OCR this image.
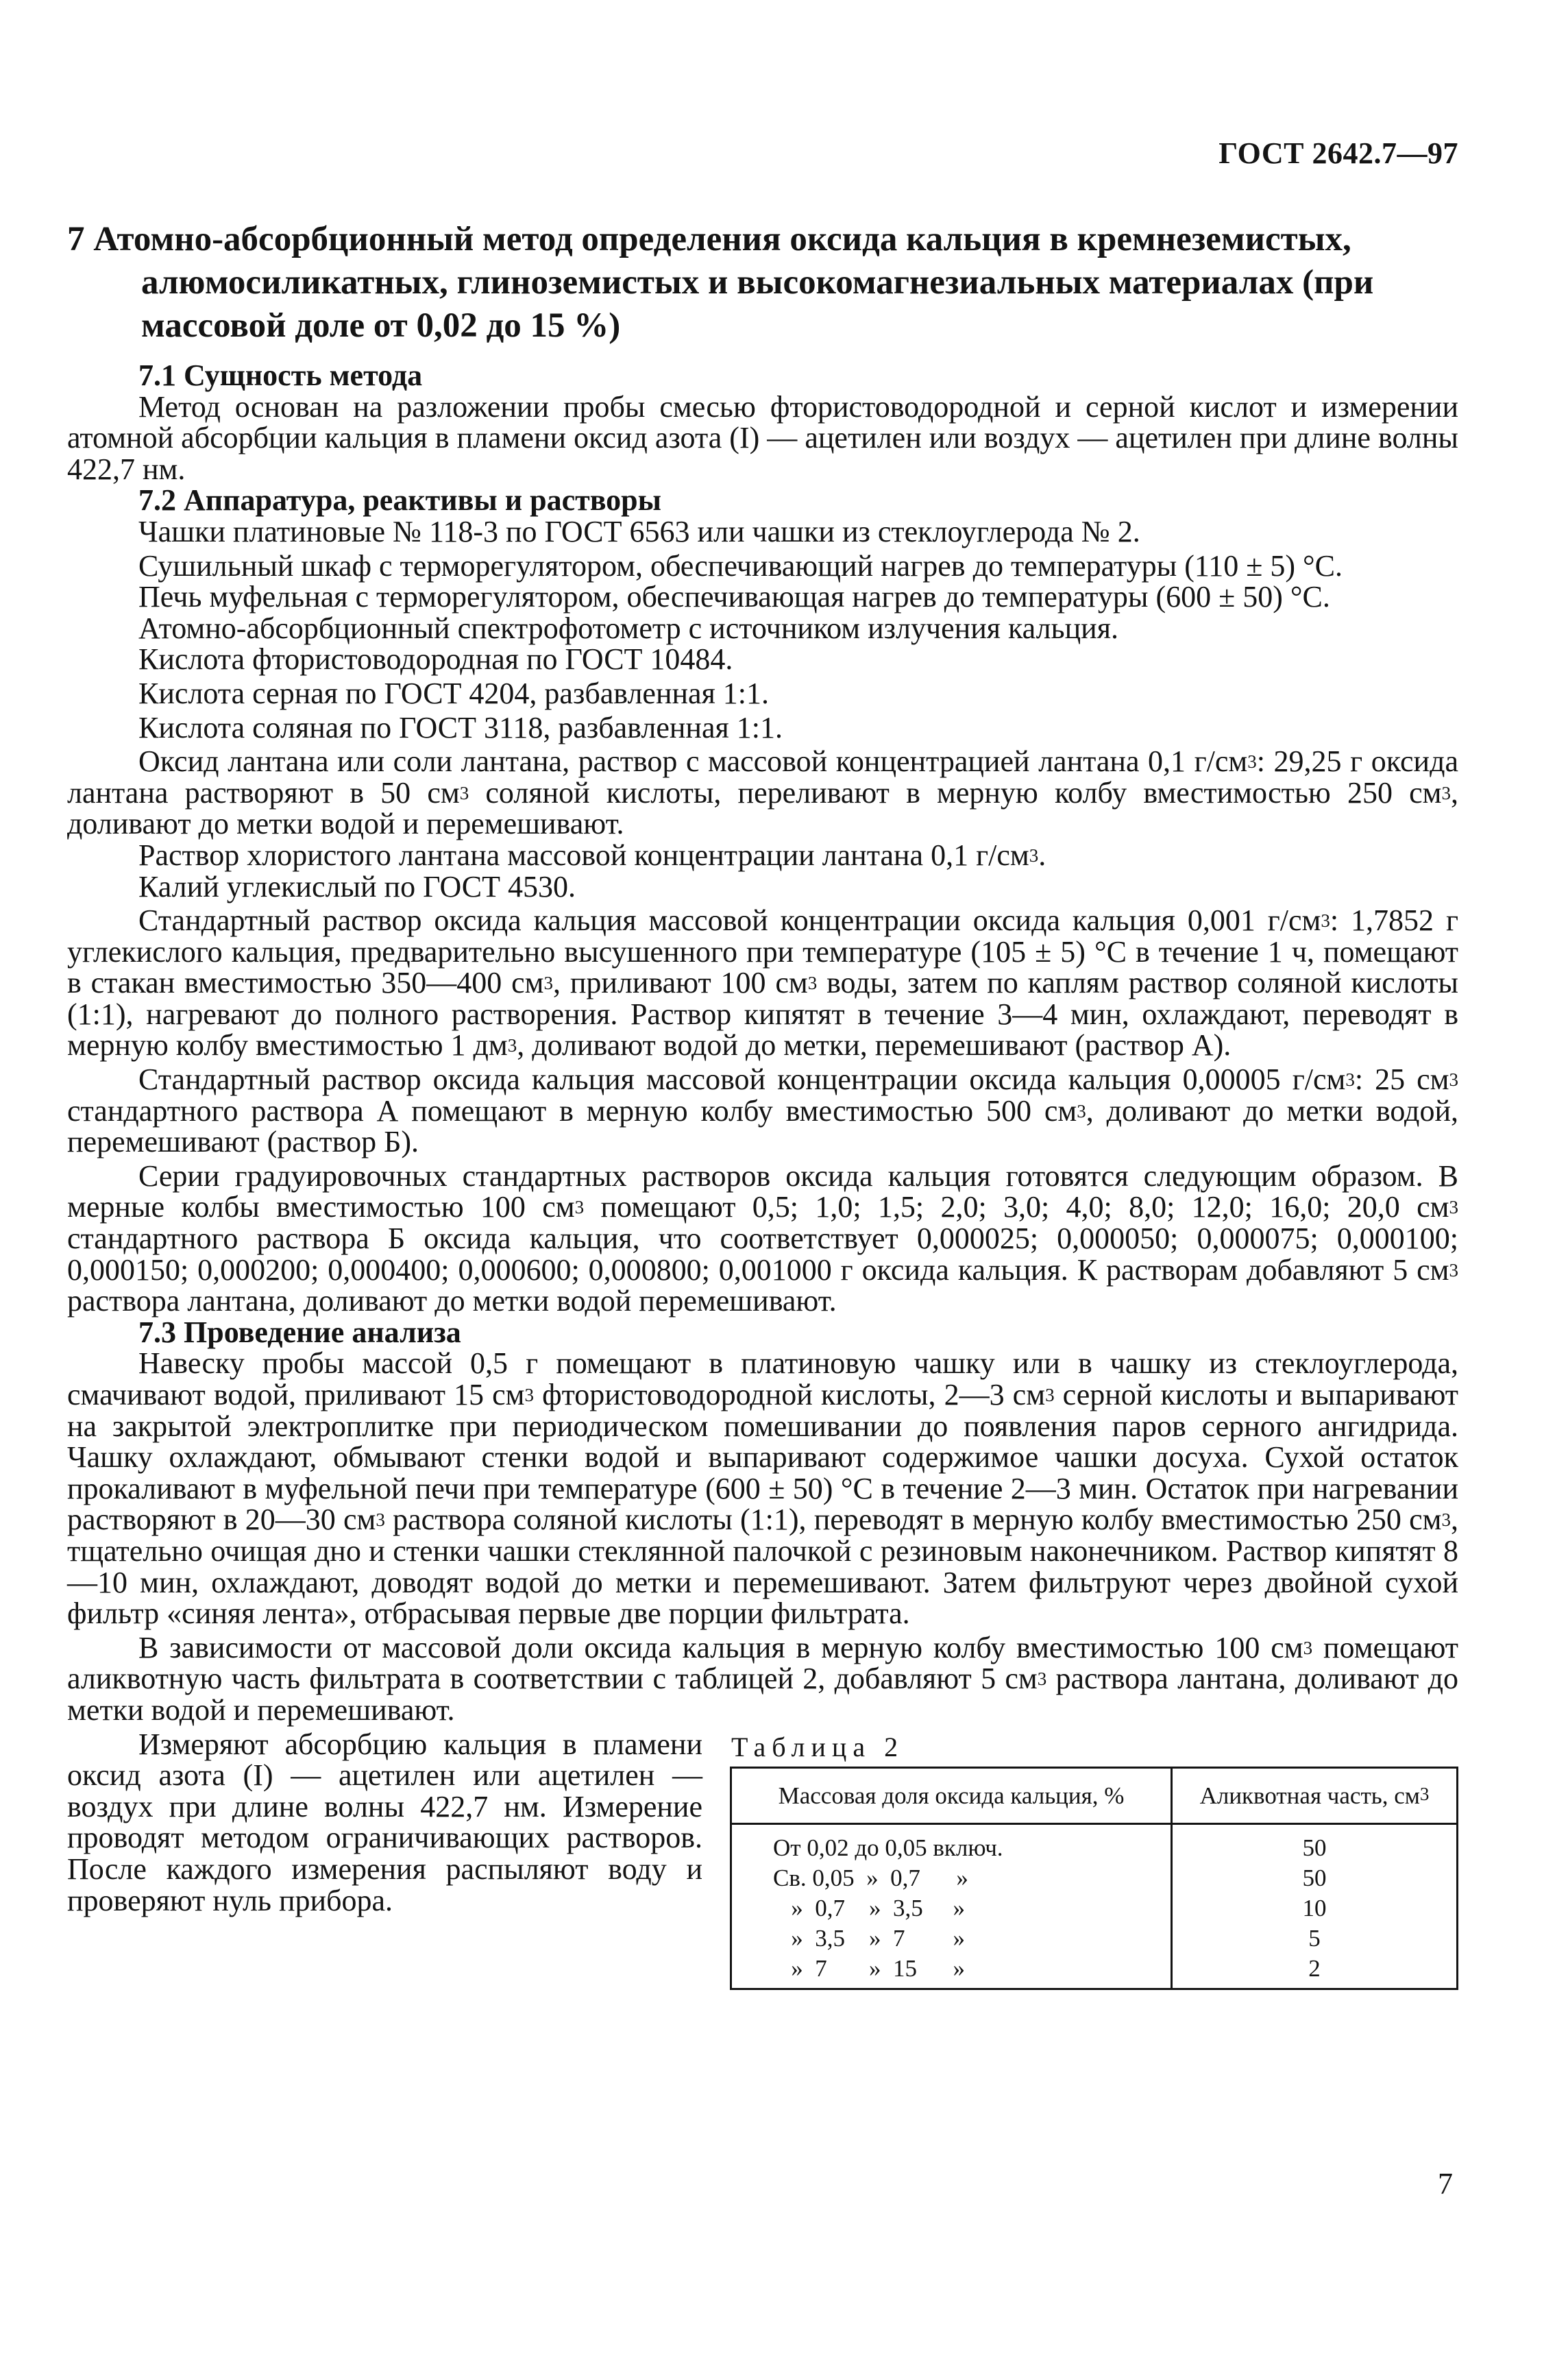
ГОСТ 2642.7—97
7 Атомно-абсорбционный метод определения оксида кальция в кремнеземистых, алюмосиликатных, глиноземистых и высокомагнезиальных материалах (при массовой доле от 0,02 до 15 %)
7.1 Сущность метода

Метод основан на разложении пробы смесью фтористоводородной и серной кислот и измерении атомной абсорбции кальция в пламени оксид азота (I) — ацетилен или воздух — ацетилен при длине волны 422,7 нм.

7.2 Аппаратура, реактивы и растворы

Чашки платиновые № 118-3 по ГОСТ 6563 или чашки из стеклоуглерода № 2.

Сушильный шкаф с терморегулятором, обеспечивающий нагрев до температуры (110 ± 5) °С.

Печь муфельная с терморегулятором, обеспечивающая нагрев до температуры (600 ± 50) °С.

Атомно-абсорбционный спектрофотометр с источником излучения кальция.

Кислота фтористоводородная по ГОСТ 10484.

Кислота серная по ГОСТ 4204, разбавленная 1:1.

Кислота соляная по ГОСТ 3118, разбавленная 1:1.

Оксид лантана или соли лантана, раствор с массовой концентрацией лантана 0,1 $г/см^3$: 29,25 г оксида лантана растворяют в 50 $см^3$ соляной кислоты, переливают в мерную колбу вместимостью 250 $см^3$, доливают до метки водой и перемешивают.

Раствор хлористого лантана массовой концентрации лантана 0,1 $г/см^3$.

Калий углекислый по ГОСТ 4530.

Стандартный раствор оксида кальция массовой концентрации оксида кальция 0,001 $г/см^3$: 1,7852 г углекислого кальция, предварительно высушенного при температуре (105 ± 5) °С в течение 1 ч, помещают в стакан вместимостью 350—400 $см^3$, приливают 100 $см^3$ воды, затем по каплям раствор соляной кислоты (1:1), нагревают до полного растворения. Раствор кипятят в течение 3—4 мин, охлаждают, переводят в мерную колбу вместимостью 1 $дм^3$, доливают водой до метки, перемешивают (раствор А).

Стандартный раствор оксида кальция массовой концентрации оксида кальция 0,00005 $г/см^3$: 25 $см^3$ стандартного раствора А помещают в мерную колбу вместимостью 500 $см^3$, доливают до метки водой, перемешивают (раствор Б).

Серии градуировочных стандартных растворов оксида кальция готовятся следующим образом. В мерные колбы вместимостью 100 $см^3$ помещают 0,5; 1,0; 1,5; 2,0; 3,0; 4,0; 8,0; 12,0; 16,0; 20,0 $см^3$ стандартного раствора Б оксида кальция, что соответствует 0,000025; 0,000050; 0,000075; 0,000100; 0,000150; 0,000200; 0,000400; 0,000600; 0,000800; 0,001000 г оксида кальция. К растворам добавляют 5 $см^3$ раствора лантана, доливают до метки водой перемешивают.

7.3 Проведение анализа

Навеску пробы массой 0,5 г помещают в платиновую чашку или в чашку из стеклоуглерода, смачивают водой, приливают 15 $см^3$ фтористоводородной кислоты, 2—3 $см^3$ серной кислоты и выпаривают на закрытой электроплитке при периодическом помешивании до появления паров серного ангидрида. Чашку охлаждают, обмывают стенки водой и выпаривают содержимое чашки досуха. Сухой остаток прокаливают в муфельной печи при температуре (600 ± 50) °С в течение 2—3 мин. Остаток при нагревании растворяют в 20—30 $см^3$ раствора соляной кислоты (1:1), переводят в мерную колбу вместимостью 250 $см^3$, тщательно очищая дно и стенки чашки стеклянной палочкой с резиновым наконечником. Раствор кипятят 8—10 мин, охлаждают, доводят водой до метки и перемешивают. Затем фильтруют через двойной сухой фильтр «синяя лента», отбрасывая первые две порции фильтрата.

В зависимости от массовой доли оксида кальция в мерную колбу вместимостью 100 $см^3$ помещают аликвотную часть фильтрата в соответствии с таблицей 2, добавляют 5 $см^3$ раствора лантана, доливают до метки водой и перемешивают.

Таблица 2
Массовая доля оксида кальция, %	Аликвотная часть, $см^3$
От 0,02 до 0,05 включ.	50
Св. 0,05  »  0,7      »	50
»  0,7    »  3,5     »	10
»  3,5    »  7        »	5
»  7       »  15      »	2

Измеряют абсорбцию кальция в пламени оксид азота (I) — ацетилен или ацетилен — воздух при длине волны 422,7 нм. Измерение проводят методом ограничивающих растворов. После каждого измерения распыляют воду и проверяют нуль прибора.

7
